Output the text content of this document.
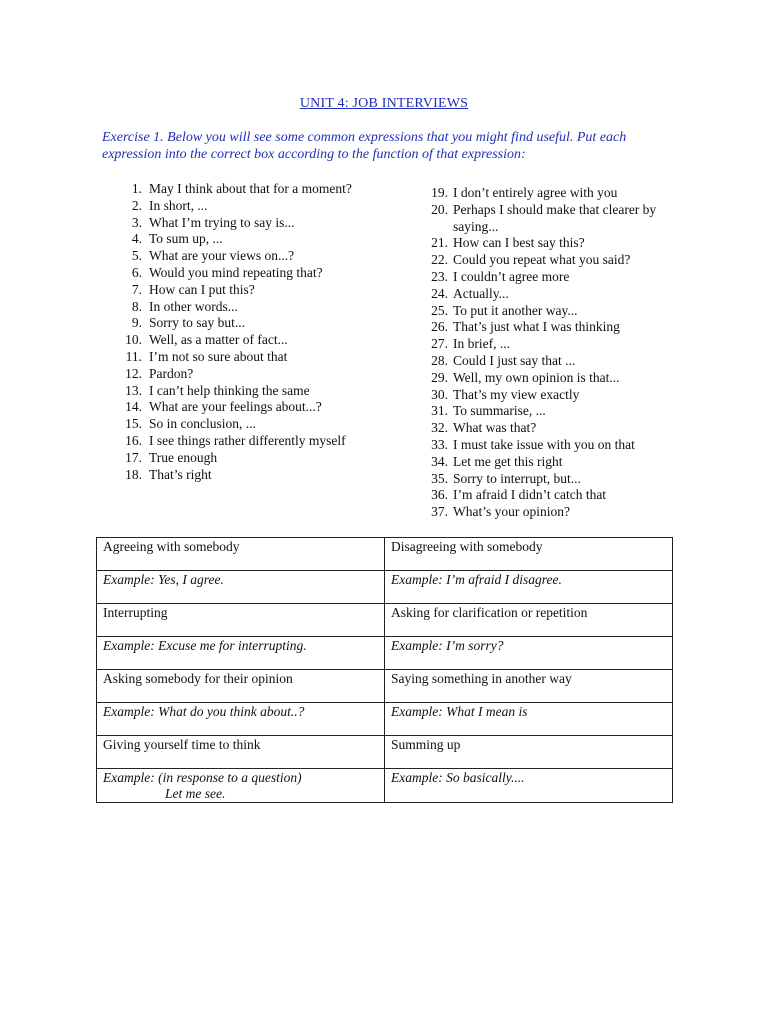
UNIT 4: JOB INTERVIEWS
Exercise 1. Below you will see some common expressions that you might find useful. Put each expression into the correct box according to the function of that expression:
1. May I think about that for a moment?
2. In short, ...
3. What I’m trying to say is...
4. To sum up, ...
5. What are your views on...?
6. Would you mind repeating that?
7. How can I put this?
8. In other words...
9. Sorry to say but...
10. Well, as a matter of fact...
11. I’m not so sure about that
12. Pardon?
13. I can’t help thinking the same
14. What are your feelings about...?
15. So in conclusion, ...
16. I see things rather differently myself
17. True enough
18. That’s right
19. I don’t entirely agree with you
20. Perhaps I should make that clearer by saying...
21. How can I best say this?
22. Could you repeat what you said?
23. I couldn’t agree more
24. Actually...
25. To put it another way...
26. That’s just what I was thinking
27. In brief, ...
28. Could I just say that ...
29. Well, my own opinion is that...
30. That’s my view exactly
31. To summarise, ...
32. What was that?
33. I must take issue with you on that
34. Let me get this right
35. Sorry to interrupt, but...
36. I’m afraid I didn’t catch that
37. What’s your opinion?
Agreeing with somebody	Disagreeing with somebody
Example: Yes, I agree.	Example: I’m afraid I disagree.
Interrupting	Asking for clarification or repetition
Example: Excuse me for interrupting.	Example: I’m sorry?
Asking somebody for their opinion	Saying something in another way
Example: What do you think about..?	Example: What I mean is
Giving yourself time to think	Summing up

Example: (in response to a question)
Let me see.	Example: So basically....
